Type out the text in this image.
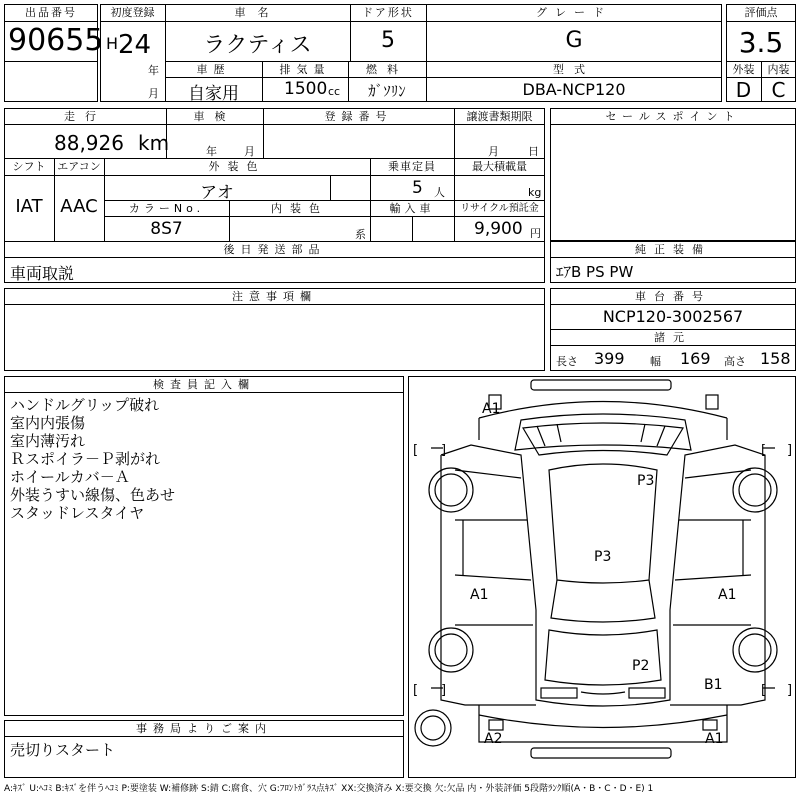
出品番号
90655
初度登録
H 24
年
月
車名
ラクティス
ドア形状
5
グレード
G
車歴
自家用
排気量
1500 cc
燃料
ｶﾞｿﾘﾝ
型式
DBA-NCP120
評価点
3.5
外装	内装
D	C
走行
88,926 km
車検
年 月
登録番号	譲渡書類期限
月	日
シフト
IAT
エアコン
AAC
外装色
アオ
乗車定員
5 人
最大積載量
kg
カラーNo.
8S7
内装色
系
輸入車	リサイクル預託金
9,900 円
後日発送部品
車両取説
セールスポイント
純正装備
ｴｱB PS PW
注意事項欄	車台番号
NCP120-3002567
諸元
長さ 399 幅 169 高さ 158
検査員記入欄
ハンドルグリップ破れ
室内内張傷
室内薄汚れ
Ｒスポイラ－Ｐ剥がれ
ホイールカバ－Ａ
外装うすい線傷、色あせ
スタッドレスタイヤ
事務局よりご案内
売切りスタート
A1
P3
P3
A1	A1
P2
B1
A2	A1
[ ]	[ ]
[ ]	[ ]
A:ｷｽﾞ U:ﾍｺﾐ B:ｷｽﾞを伴うﾍｺﾐ P:要塗装 W:補修跡 S:錆 C:腐食、穴 G:ﾌﾛﾝﾄｶﾞﾗｽ点ｷｽﾞ XX:交換済み X:要交換 欠:欠品 内・外装評価 5段階ﾗﾝｸ順(A・B・C・D・E) 1
